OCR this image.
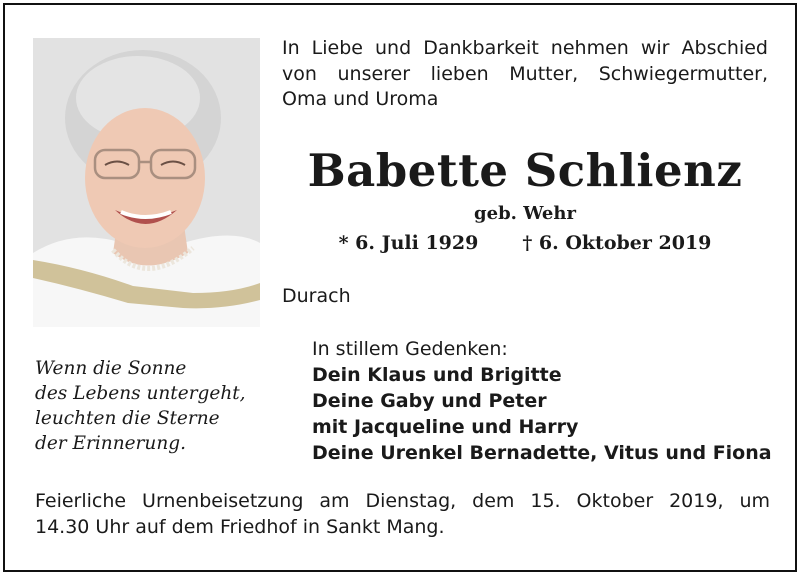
In Liebe und Dankbarkeit nehmen wir Abschied

von unserer lieben Mutter, Schwiegermutter,

Oma und Uroma

Babette Schlienz
geb. Wehr
* 6. Juli 1929 † 6. Oktober 2019
Durach
Wenn die Sonne
des Lebens untergeht,
leuchten die Sterne
der Erinnerung.
In stillem Gedenken:
Dein Klaus und Brigitte
Deine Gaby und Peter
mit Jacqueline und Harry
Deine Urenkel Bernadette, Vitus und Fiona
Feierliche Urnenbeisetzung am Dienstag, dem 15. Oktober 2019, um
14.30 Uhr auf dem Friedhof in Sankt Mang.
